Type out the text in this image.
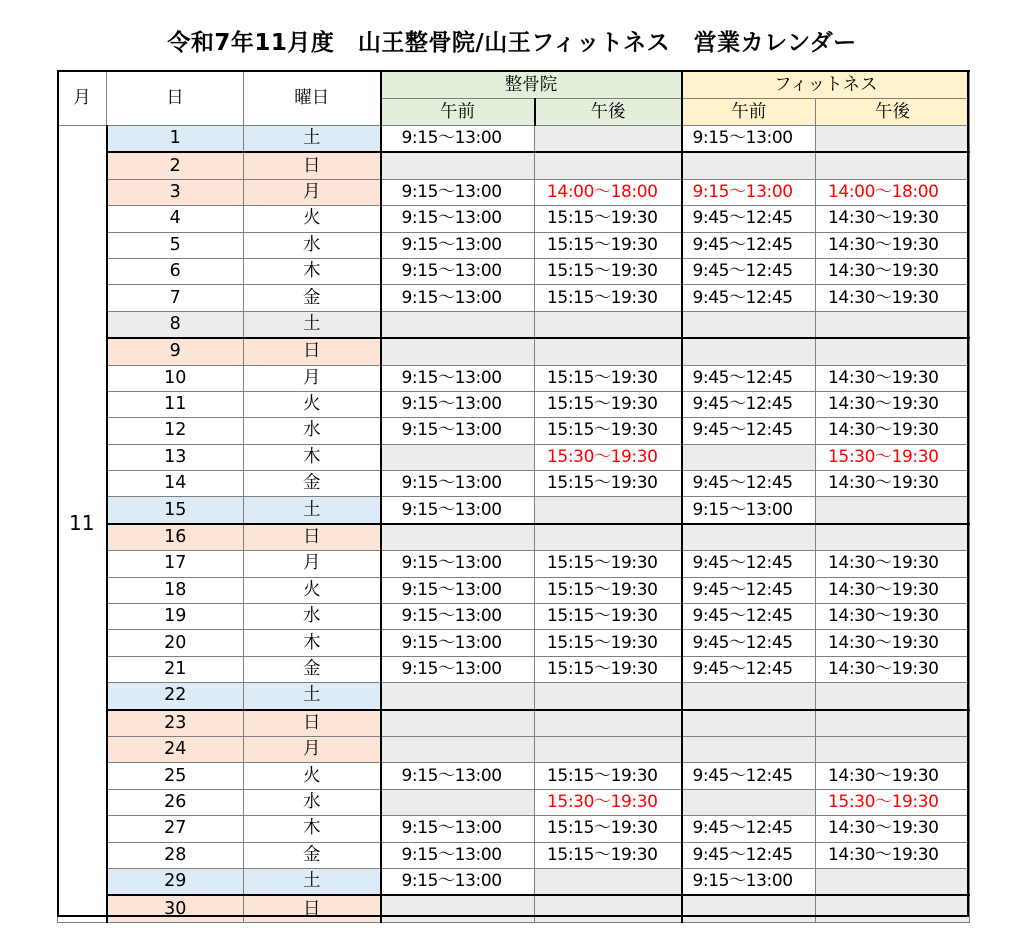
令和7年11月度　山王整骨院/山王フィットネス　営業カレンダー
月	日	曜日	整骨院		フィットネス	
			午前	午後	午前	午後
11	1	土	9:15～13:00		9:15～13:00	
	2	日				
	3	月	9:15～13:00	14:00～18:00	9:15～13:00	14:00～18:00
	4	火	9:15～13:00	15:15～19:30	9:45～12:45	14:30～19:30
	5	水	9:15～13:00	15:15～19:30	9:45～12:45	14:30～19:30
	6	木	9:15～13:00	15:15～19:30	9:45～12:45	14:30～19:30
	7	金	9:15～13:00	15:15～19:30	9:45～12:45	14:30～19:30
	8	土				
	9	日				
	10	月	9:15～13:00	15:15～19:30	9:45～12:45	14:30～19:30
	11	火	9:15～13:00	15:15～19:30	9:45～12:45	14:30～19:30
	12	水	9:15～13:00	15:15～19:30	9:45～12:45	14:30～19:30
	13	木		15:30～19:30		15:30～19:30
	14	金	9:15～13:00	15:15～19:30	9:45～12:45	14:30～19:30
	15	土	9:15～13:00		9:15～13:00	
	16	日				
	17	月	9:15～13:00	15:15～19:30	9:45～12:45	14:30～19:30
	18	火	9:15～13:00	15:15～19:30	9:45～12:45	14:30～19:30
	19	水	9:15～13:00	15:15～19:30	9:45～12:45	14:30～19:30
	20	木	9:15～13:00	15:15～19:30	9:45～12:45	14:30～19:30
	21	金	9:15～13:00	15:15～19:30	9:45～12:45	14:30～19:30
	22	土				
	23	日				
	24	月				
	25	火	9:15～13:00	15:15～19:30	9:45～12:45	14:30～19:30
	26	水		15:30～19:30		15:30～19:30
	27	木	9:15～13:00	15:15～19:30	9:45～12:45	14:30～19:30
	28	金	9:15～13:00	15:15～19:30	9:45～12:45	14:30～19:30
	29	土	9:15～13:00		9:15～13:00	
	30	日				
